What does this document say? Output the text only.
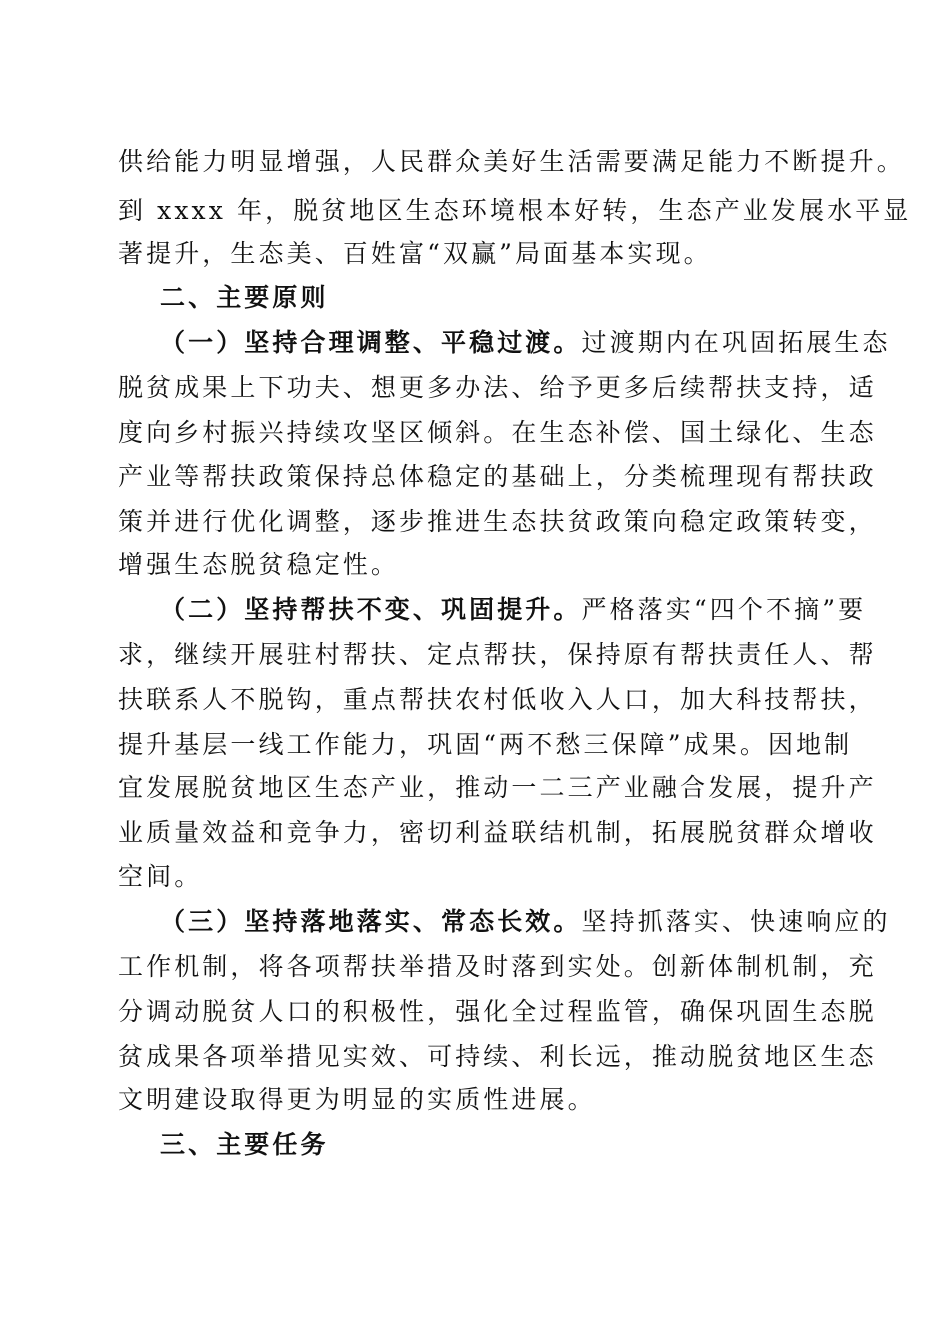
供给能力明显增强，人民群众美好生活需要满足能力不断提升。
到 xxxx 年，脱贫地区生态环境根本好转，生态产业发展水平显
著提升，生态美、百姓富“双赢”局面基本实现。
二、主要原则
（一）坚持合理调整、平稳过渡。过渡期内在巩固拓展生态
脱贫成果上下功夫、想更多办法、给予更多后续帮扶支持，适
度向乡村振兴持续攻坚区倾斜。在生态补偿、国土绿化、生态
产业等帮扶政策保持总体稳定的基础上，分类梳理现有帮扶政
策并进行优化调整，逐步推进生态扶贫政策向稳定政策转变，
增强生态脱贫稳定性。
（二）坚持帮扶不变、巩固提升。严格落实“四个不摘”要
求，继续开展驻村帮扶、定点帮扶，保持原有帮扶责任人、帮
扶联系人不脱钩，重点帮扶农村低收入人口，加大科技帮扶，
提升基层一线工作能力，巩固“两不愁三保障”成果。因地制
宜发展脱贫地区生态产业，推动一二三产业融合发展，提升产
业质量效益和竞争力，密切利益联结机制，拓展脱贫群众增收
空间。
（三）坚持落地落实、常态长效。坚持抓落实、快速响应的
工作机制，将各项帮扶举措及时落到实处。创新体制机制，充
分调动脱贫人口的积极性，强化全过程监管，确保巩固生态脱
贫成果各项举措见实效、可持续、利长远，推动脱贫地区生态
文明建设取得更为明显的实质性进展。
三、主要任务
